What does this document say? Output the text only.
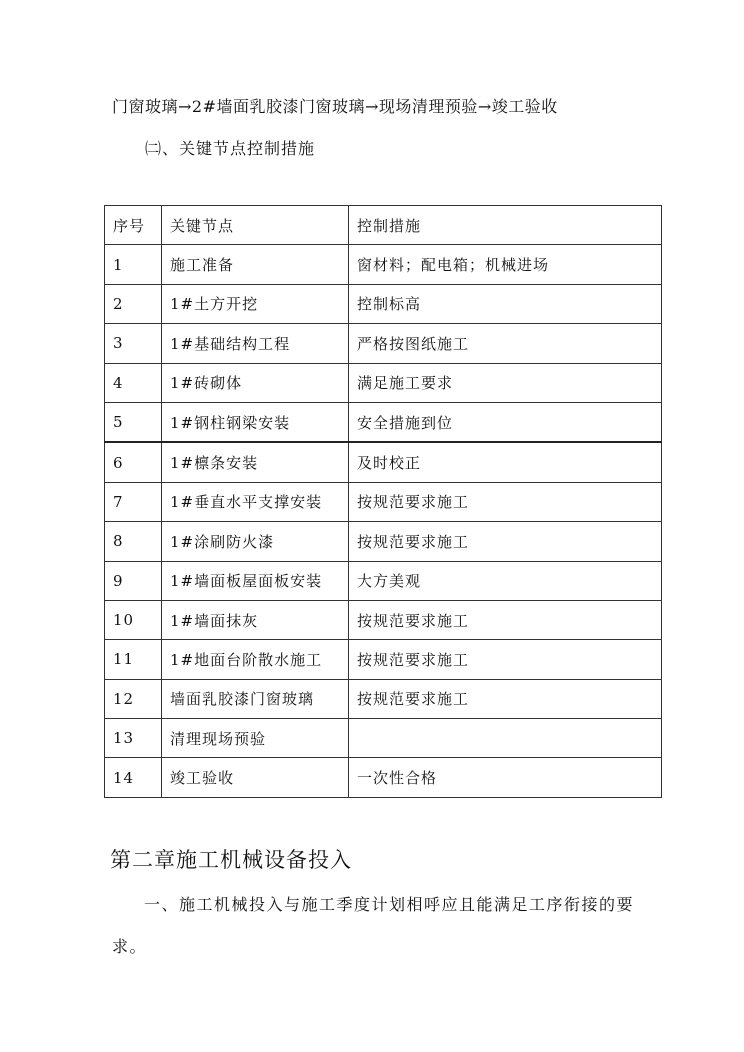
门窗玻璃→2#墙面乳胶漆门窗玻璃→现场清理预验→竣工验收
㈡、关键节点控制措施
序号	关键节点	控制措施
1	施工准备	窗材料；配电箱；机械进场
2	1#土方开挖	控制标高
3	1#基础结构工程	严格按图纸施工
4	1#砖砌体	满足施工要求
5	1#钢柱钢梁安装	安全措施到位
6	1#檩条安装	及时校正
7	1#垂直水平支撑安装	按规范要求施工
8	1#涂刷防火漆	按规范要求施工
9	1#墙面板屋面板安装	大方美观
10	1#墙面抹灰	按规范要求施工
11	1#地面台阶散水施工	按规范要求施工
12	墙面乳胶漆门窗玻璃	按规范要求施工
13	清理现场预验	
14	竣工验收	一次性合格
第二章施工机械设备投入
一、施工机械投入与施工季度计划相呼应且能满足工序衔接的要求。
